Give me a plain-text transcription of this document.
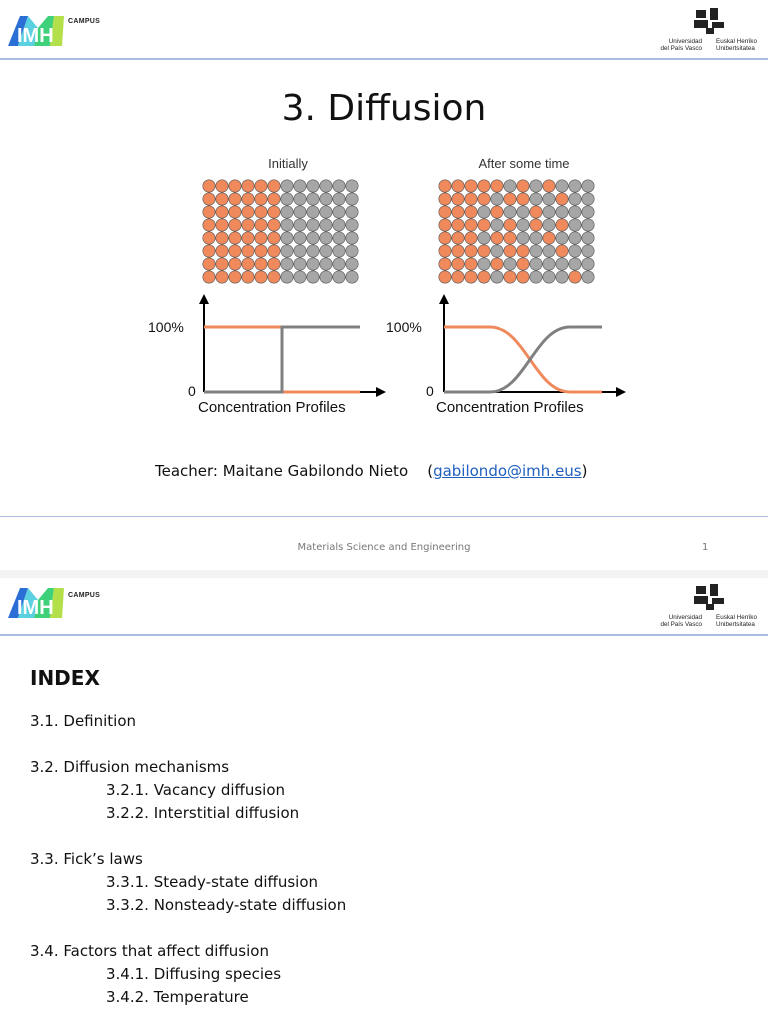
IMH
CAMPUS
Universidad
del País Vasco
Euskal Herriko
Unibertsitatea
3. Diffusion
Initially	After some time
100%
0
Concentration Profiles
100%
0
Concentration Profiles
Teacher: Maitane Gabilondo Nieto    (gabilondo@imh.eus)
Materials Science and Engineering	1
IMH
CAMPUS
Universidad
del País Vasco
Euskal Herriko
Unibertsitatea
INDEX
3.1. Definition
3.2. Diffusion mechanisms
3.2.1. Vacancy diffusion
3.2.2. Interstitial diffusion
3.3. Fick’s laws
3.3.1. Steady-state diffusion
3.3.2. Nonsteady-state diffusion
3.4. Factors that affect diffusion
3.4.1. Diffusing species
3.4.2. Temperature
